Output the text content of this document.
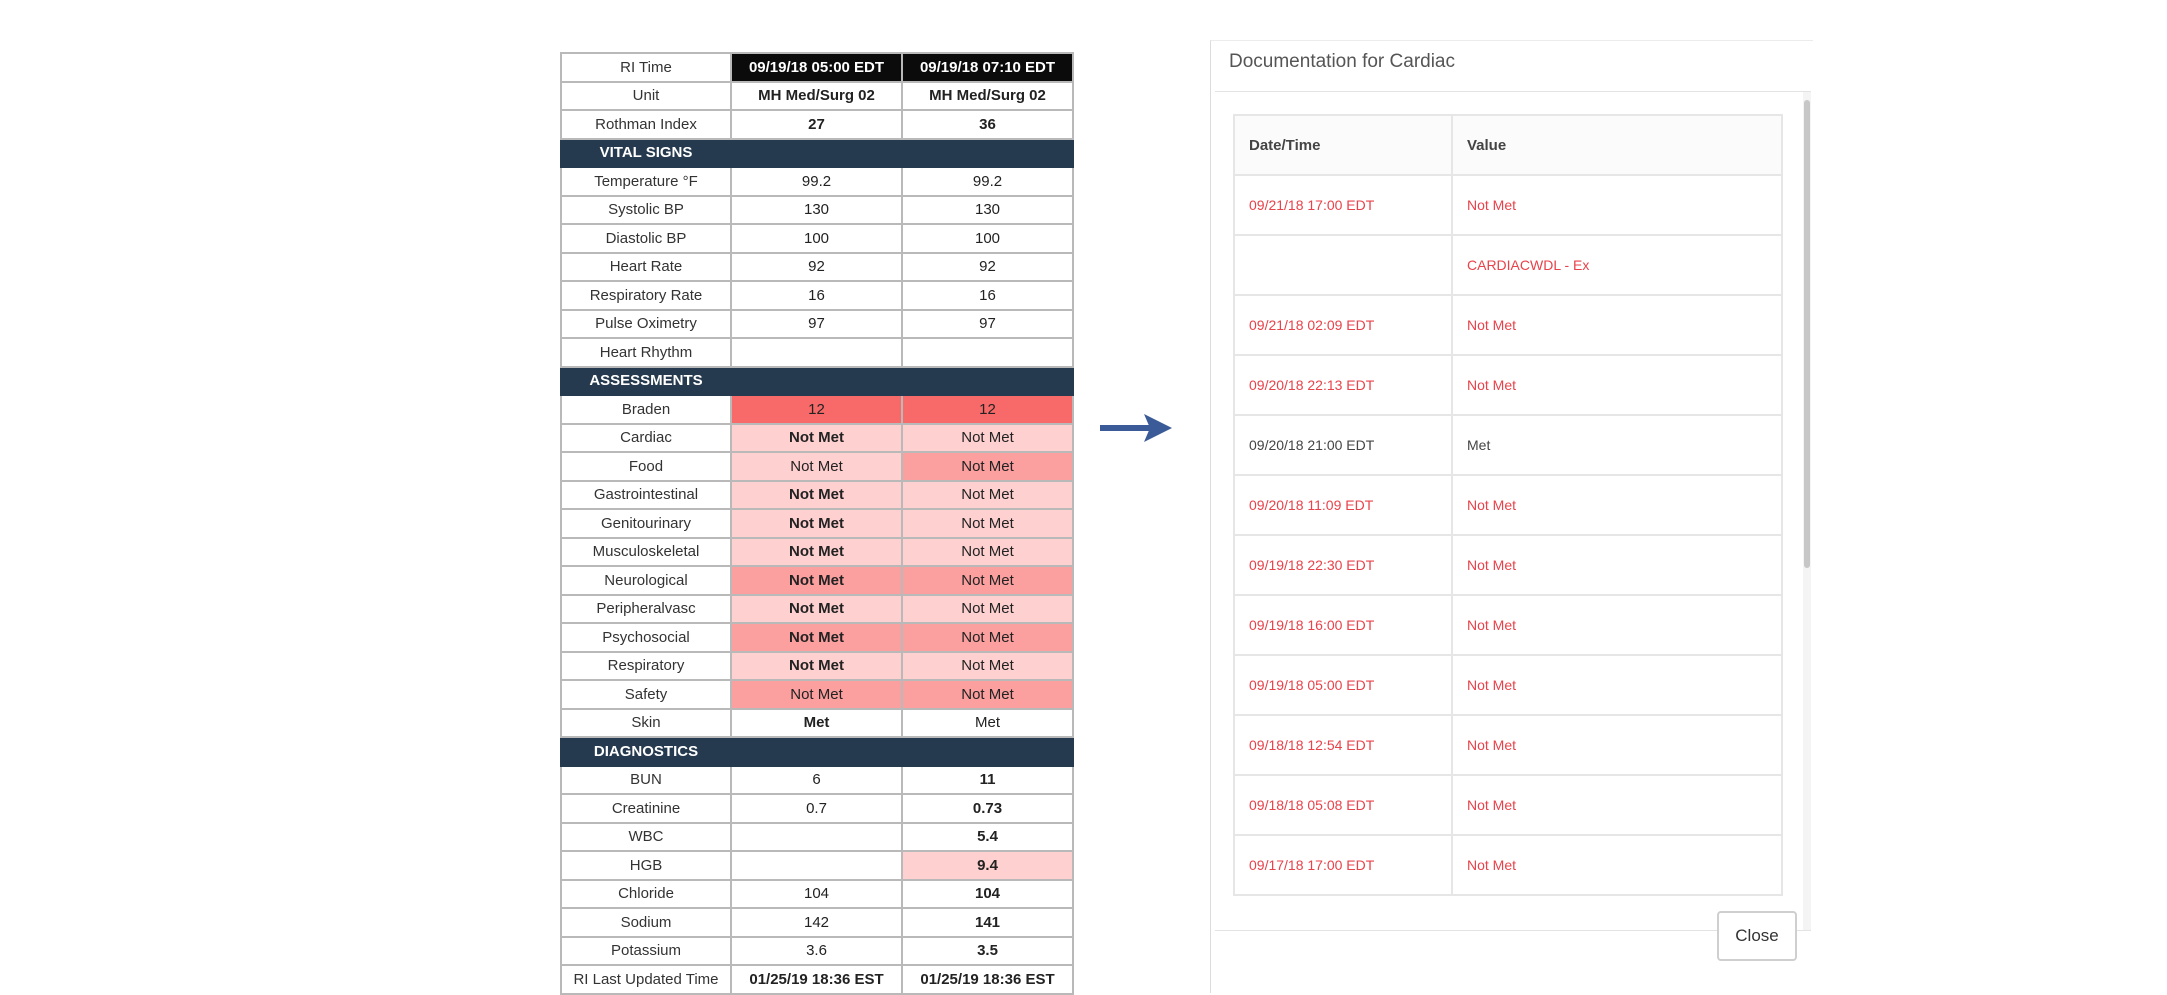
RI Time	09/19/18 05:00 EDT	09/19/18 07:10 EDT
Unit	MH Med/Surg 02	MH Med/Surg 02
Rothman Index	27	36
VITAL SIGNS		
Temperature °F	99.2	99.2
Systolic BP	130	130
Diastolic BP	100	100
Heart Rate	92	92
Respiratory Rate	16	16
Pulse Oximetry	97	97
Heart Rhythm		
ASSESSMENTS		
Braden	12	12
Cardiac	Not Met	Not Met
Food	Not Met	Not Met
Gastrointestinal	Not Met	Not Met
Genitourinary	Not Met	Not Met
Musculoskeletal	Not Met	Not Met
Neurological	Not Met	Not Met
Peripheralvasc	Not Met	Not Met
Psychosocial	Not Met	Not Met
Respiratory	Not Met	Not Met
Safety	Not Met	Not Met
Skin	Met	Met
DIAGNOSTICS		
BUN	6	11
Creatinine	0.7	0.73
WBC		5.4
HGB		9.4
Chloride	104	104
Sodium	142	141
Potassium	3.6	3.5
RI Last Updated Time	01/25/19 18:36 EST	01/25/19 18:36 EST
Documentation for Cardiac
Date/Time	Value
09/21/18 17:00 EDT	Not Met
	CARDIACWDL - Ex
09/21/18 02:09 EDT	Not Met
09/20/18 22:13 EDT	Not Met
09/20/18 21:00 EDT	Met
09/20/18 11:09 EDT	Not Met
09/19/18 22:30 EDT	Not Met
09/19/18 16:00 EDT	Not Met
09/19/18 05:00 EDT	Not Met
09/18/18 12:54 EDT	Not Met
09/18/18 05:08 EDT	Not Met
09/17/18 17:00 EDT	Not Met
Close
